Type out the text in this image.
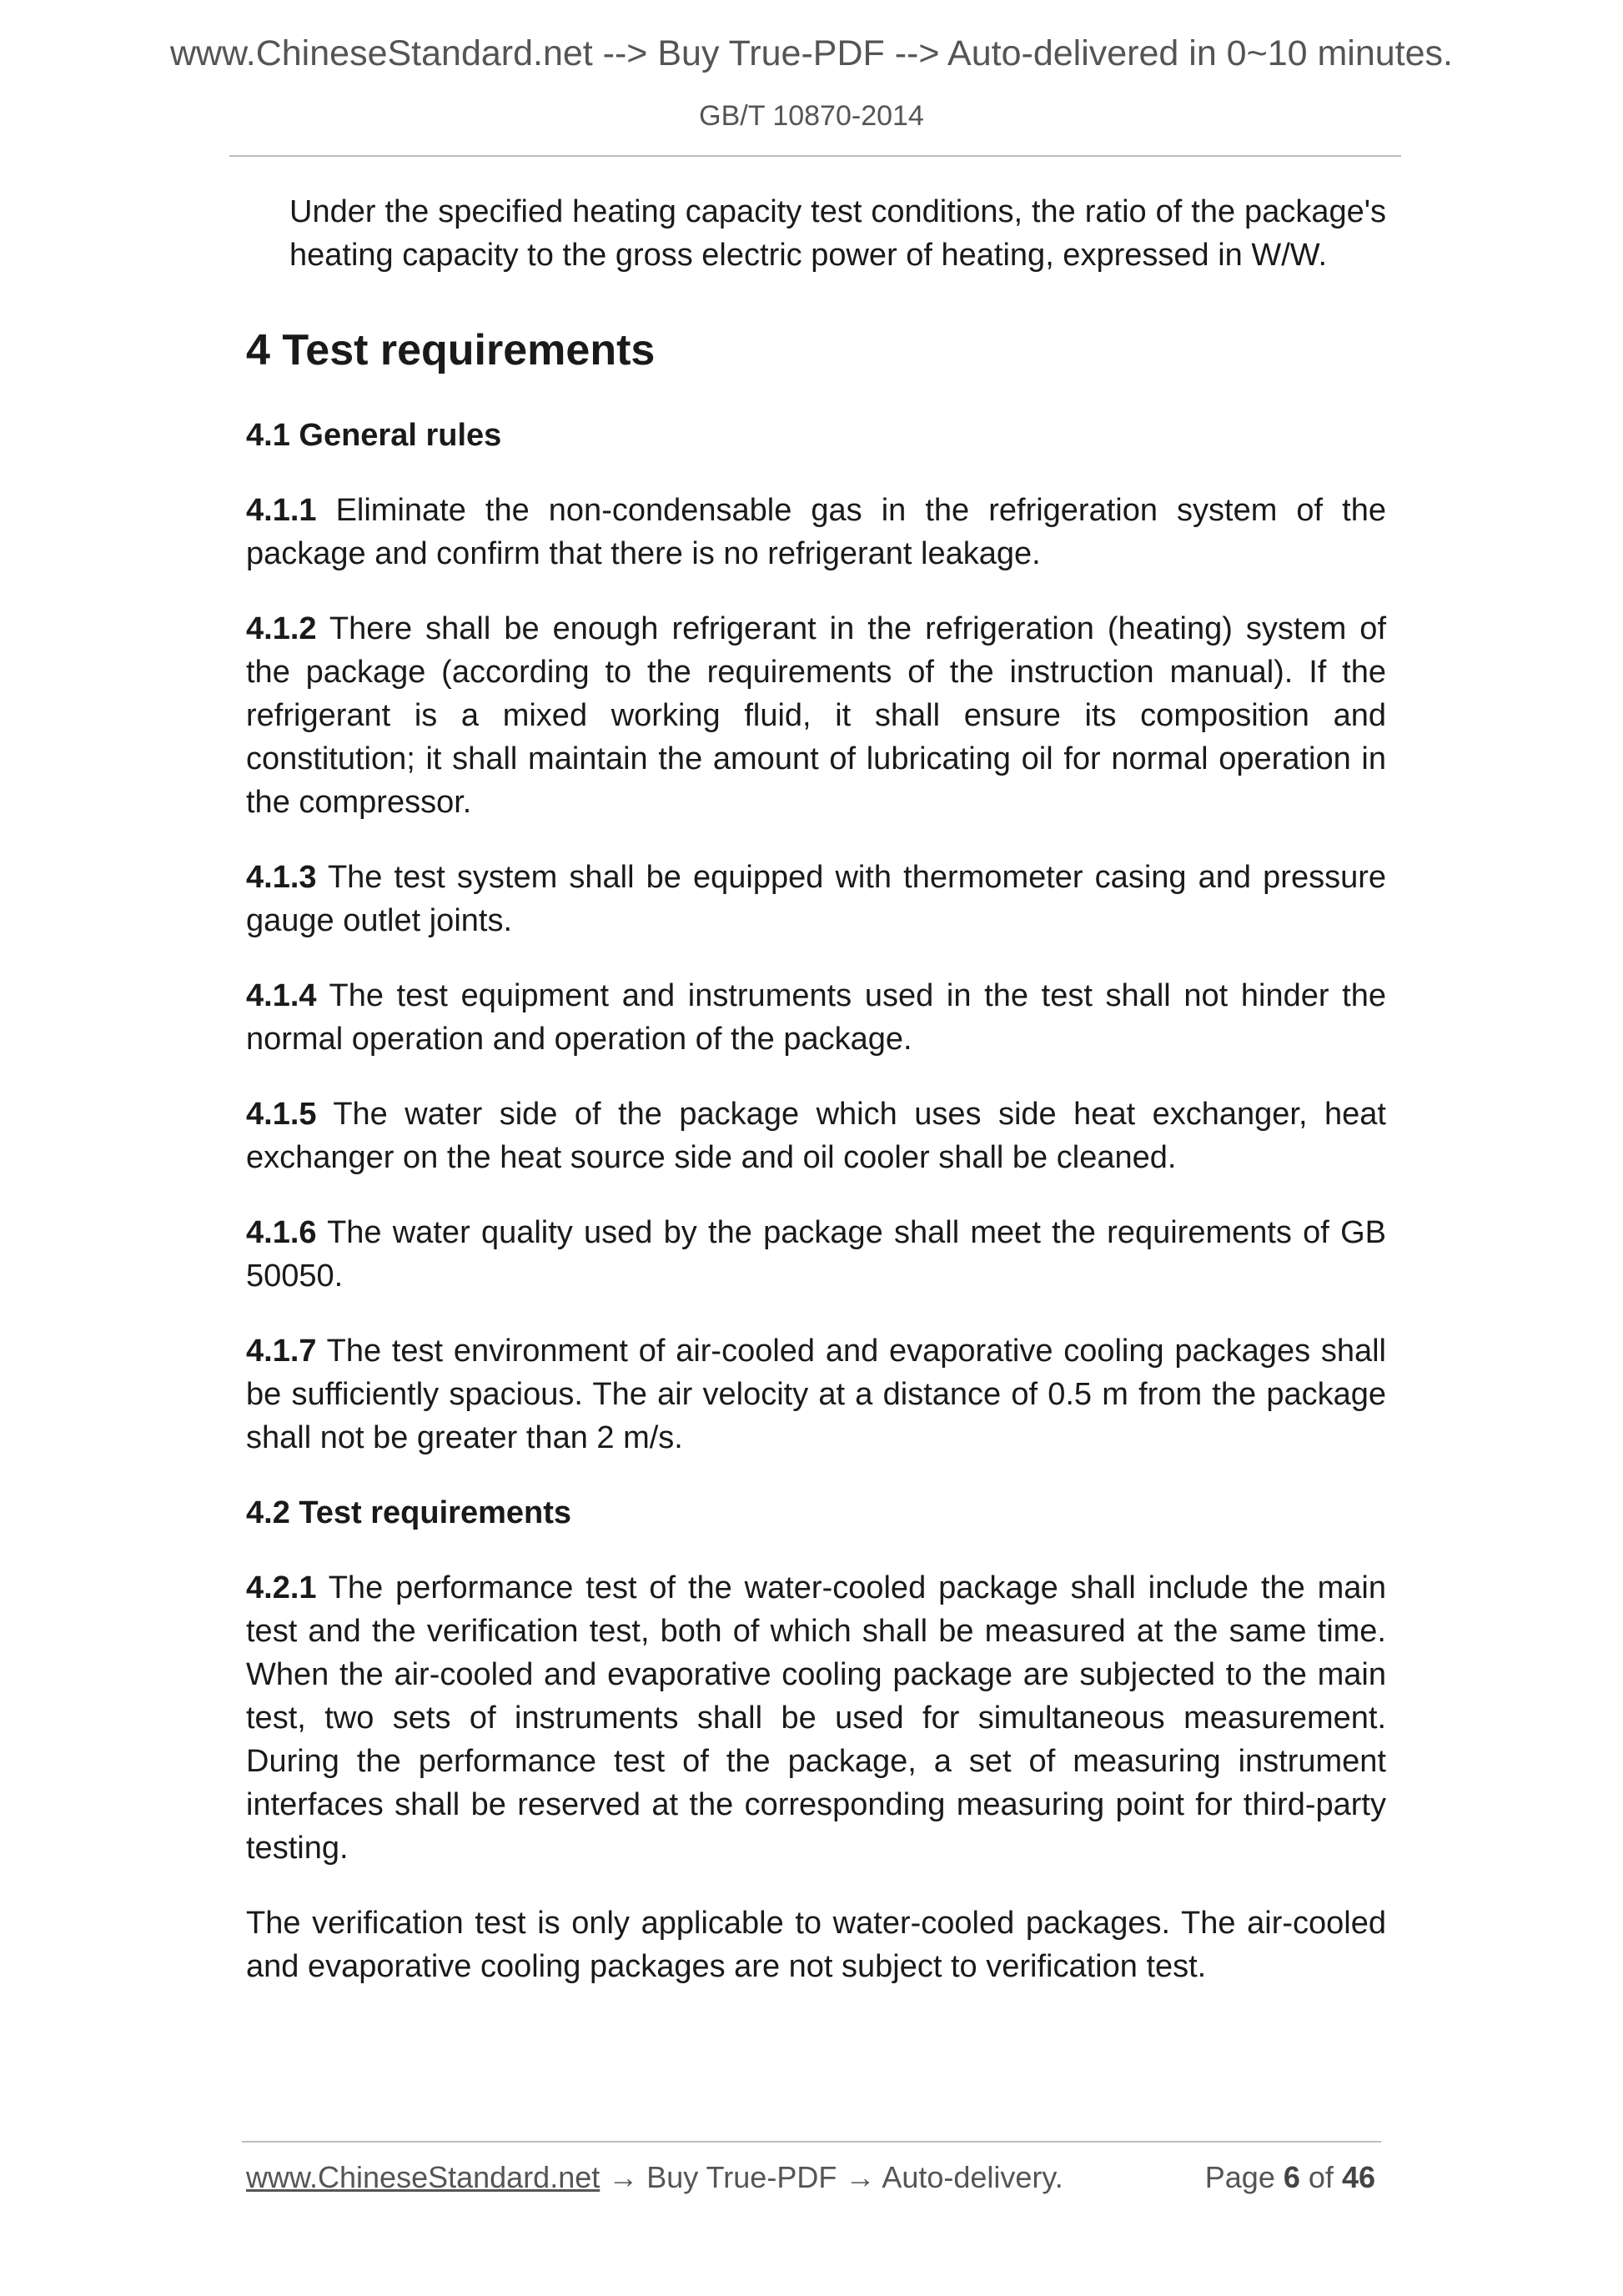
www.ChineseStandard.net --> Buy True-PDF --> Auto-delivered in 0~10 minutes.
GB/T 10870-2014

Under the specified heating capacity test conditions, the ratio of the package's heating capacity to the gross electric power of heating, expressed in W/W.

4 Test requirements
4.1 General rules

4.1.1 Eliminate the non-condensable gas in the refrigeration system of the package and confirm that there is no refrigerant leakage.

4.1.2 There shall be enough refrigerant in the refrigeration (heating) system of the package (according to the requirements of the instruction manual). If the refrigerant is a mixed working fluid, it shall ensure its composition and constitution; it shall maintain the amount of lubricating oil for normal operation in the compressor.

4.1.3 The test system shall be equipped with thermometer casing and pressure gauge outlet joints.

4.1.4 The test equipment and instruments used in the test shall not hinder the normal operation and operation of the package.

4.1.5 The water side of the package which uses side heat exchanger, heat exchanger on the heat source side and oil cooler shall be cleaned.

4.1.6 The water quality used by the package shall meet the requirements of GB 50050.

4.1.7 The test environment of air-cooled and evaporative cooling packages shall be sufficiently spacious. The air velocity at a distance of 0.5 m from the package shall not be greater than 2 m/s.

4.2 Test requirements

4.2.1 The performance test of the water-cooled package shall include the main test and the verification test, both of which shall be measured at the same time. When the air-cooled and evaporative cooling package are subjected to the main test, two sets of instruments shall be used for simultaneous measurement. During the performance test of the package, a set of measuring instrument interfaces shall be reserved at the corresponding measuring point for third-party testing.

The verification test is only applicable to water-cooled packages. The air-cooled and evaporative cooling packages are not subject to verification test.

www.ChineseStandard.net → Buy True-PDF → Auto-delivery.	Page 6 of 46
